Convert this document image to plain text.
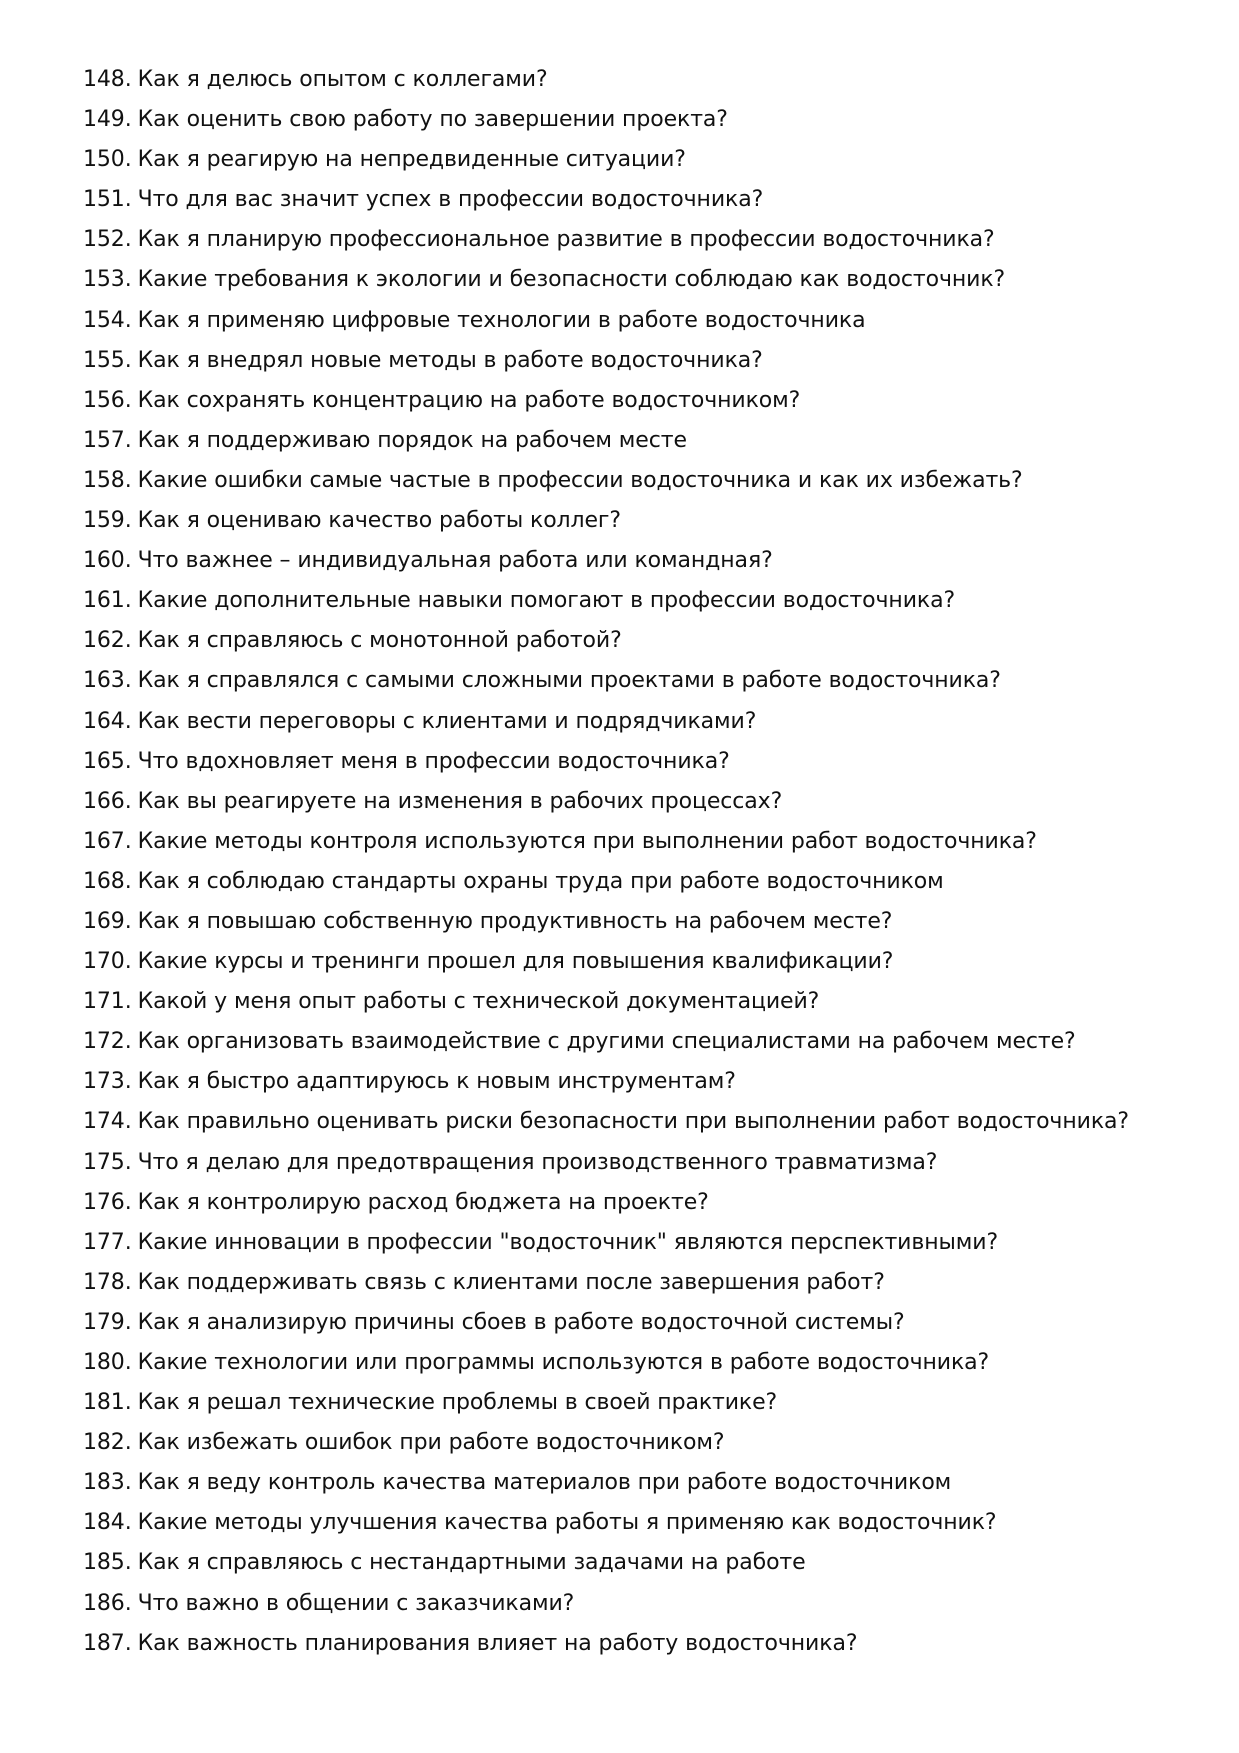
148. Как я делюсь опытом с коллегами?
149. Как оценить свою работу по завершении проекта?
150. Как я реагирую на непредвиденные ситуации?
151. Что для вас значит успех в профессии водосточника?
152. Как я планирую профессиональное развитие в профессии водосточника?
153. Какие требования к экологии и безопасности соблюдаю как водосточник?
154. Как я применяю цифровые технологии в работе водосточника
155. Как я внедрял новые методы в работе водосточника?
156. Как сохранять концентрацию на работе водосточником?
157. Как я поддерживаю порядок на рабочем месте
158. Какие ошибки самые частые в профессии водосточника и как их избежать?
159. Как я оцениваю качество работы коллег?
160. Что важнее – индивидуальная работа или командная?
161. Какие дополнительные навыки помогают в профессии водосточника?
162. Как я справляюсь с монотонной работой?
163. Как я справлялся с самыми сложными проектами в работе водосточника?
164. Как вести переговоры с клиентами и подрядчиками?
165. Что вдохновляет меня в профессии водосточника?
166. Как вы реагируете на изменения в рабочих процессах?
167. Какие методы контроля используются при выполнении работ водосточника?
168. Как я соблюдаю стандарты охраны труда при работе водосточником
169. Как я повышаю собственную продуктивность на рабочем месте?
170. Какие курсы и тренинги прошел для повышения квалификации?
171. Какой у меня опыт работы с технической документацией?
172. Как организовать взаимодействие с другими специалистами на рабочем месте?
173. Как я быстро адаптируюсь к новым инструментам?
174. Как правильно оценивать риски безопасности при выполнении работ водосточника?
175. Что я делаю для предотвращения производственного травматизма?
176. Как я контролирую расход бюджета на проекте?
177. Какие инновации в профессии "водосточник" являются перспективными?
178. Как поддерживать связь с клиентами после завершения работ?
179. Как я анализирую причины сбоев в работе водосточной системы?
180. Какие технологии или программы используются в работе водосточника?
181. Как я решал технические проблемы в своей практике?
182. Как избежать ошибок при работе водосточником?
183. Как я веду контроль качества материалов при работе водосточником
184. Какие методы улучшения качества работы я применяю как водосточник?
185. Как я справляюсь с нестандартными задачами на работе
186. Что важно в общении с заказчиками?
187. Как важность планирования влияет на работу водосточника?
